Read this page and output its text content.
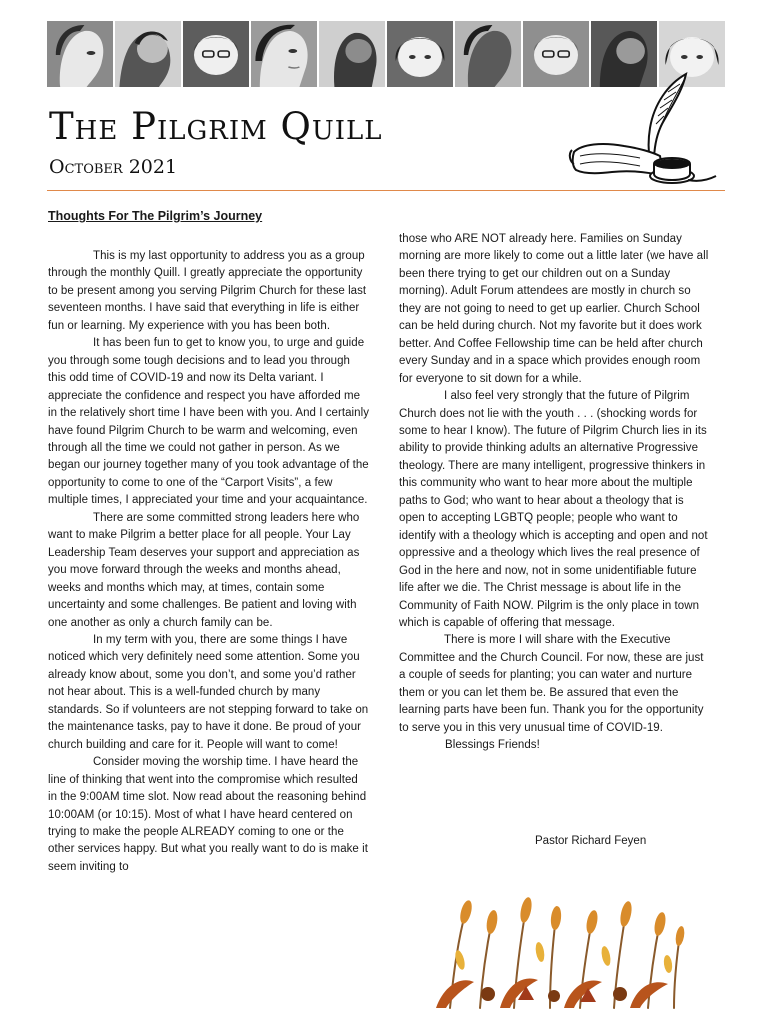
The Pilgrim Quill
October 2021
Thoughts For The Pilgrim’s Journey

This is my last opportunity to address you as a group through the monthly Quill. I greatly appreciate the opportunity to be present among you serving Pilgrim Church for these last seventeen months. I have said that everything in life is either fun or learning. My experience with you has been both.

It has been fun to get to know you, to urge and guide you through some tough decisions and to lead you through this odd time of COVID-19 and now its Delta variant. I appreciate the confidence and respect you have afforded me in the relatively short time I have been with you. And I certainly have found Pilgrim Church to be warm and welcoming, even through all the time we could not gather in person. As we began our journey together many of you took advantage of the opportunity to come to one of the “Carport Visits”, a few multiple times, I appreciated your time and your acquaintance.

There are some committed strong leaders here who want to make Pilgrim a better place for all people. Your Lay Leadership Team deserves your support and appreciation as you move forward through the weeks and months ahead, weeks and months which may, at times, contain some uncertainty and some challenges. Be patient and loving with one another as only a church family can be.

In my term with you, there are some things I have noticed which very definitely need some attention. Some you already know about, some you don’t, and some you’d rather not hear about. This is a well-funded church by many standards. So if volunteers are not stepping forward to take on the maintenance tasks, pay to have it done. Be proud of your church building and care for it. People will want to come!

Consider moving the worship time. I have heard the line of thinking that went into the compromise which resulted in the 9:00AM time slot. Now read about the reasoning behind 10:00AM (or 10:15). Most of what I have heard centered on trying to make the people ALREADY coming to one or the other services happy. But what you really want to do is make it seem inviting to

those who ARE NOT already here. Families on Sunday morning are more likely to come out a little later (we have all been there trying to get our children out on a Sunday morning). Adult Forum attendees are mostly in church so they are not going to need to get up earlier. Church School can be held during church. Not my favorite but it does work better. And Coffee Fellowship time can be held after church every Sunday and in a space which provides enough room for everyone to sit down for a while.

I also feel very strongly that the future of Pilgrim Church does not lie with the youth . . . (shocking words for some to hear I know). The future of Pilgrim Church lies in its ability to provide thinking adults an alternative Progressive theology. There are many intelligent, progressive thinkers in this community who want to hear more about the multiple paths to God; who want to hear about a theology that is open to accepting LGBTQ people; people who want to identify with a theology which is accepting and open and not oppressive and a theology which lives the real presence of God in the here and now, not in some unidentifiable future life after we die. The Christ message is about life in the Community of Faith NOW. Pilgrim is the only place in town which is capable of offering that message.

There is more I will share with the Executive Committee and the Church Council. For now, these are just a couple of seeds for planting; you can water and nurture them or you can let them be. Be assured that even the learning parts have been fun. Thank you for the opportunity to serve you in this very unusual time of COVID-19.

Blessings Friends!

Pastor Richard Feyen
